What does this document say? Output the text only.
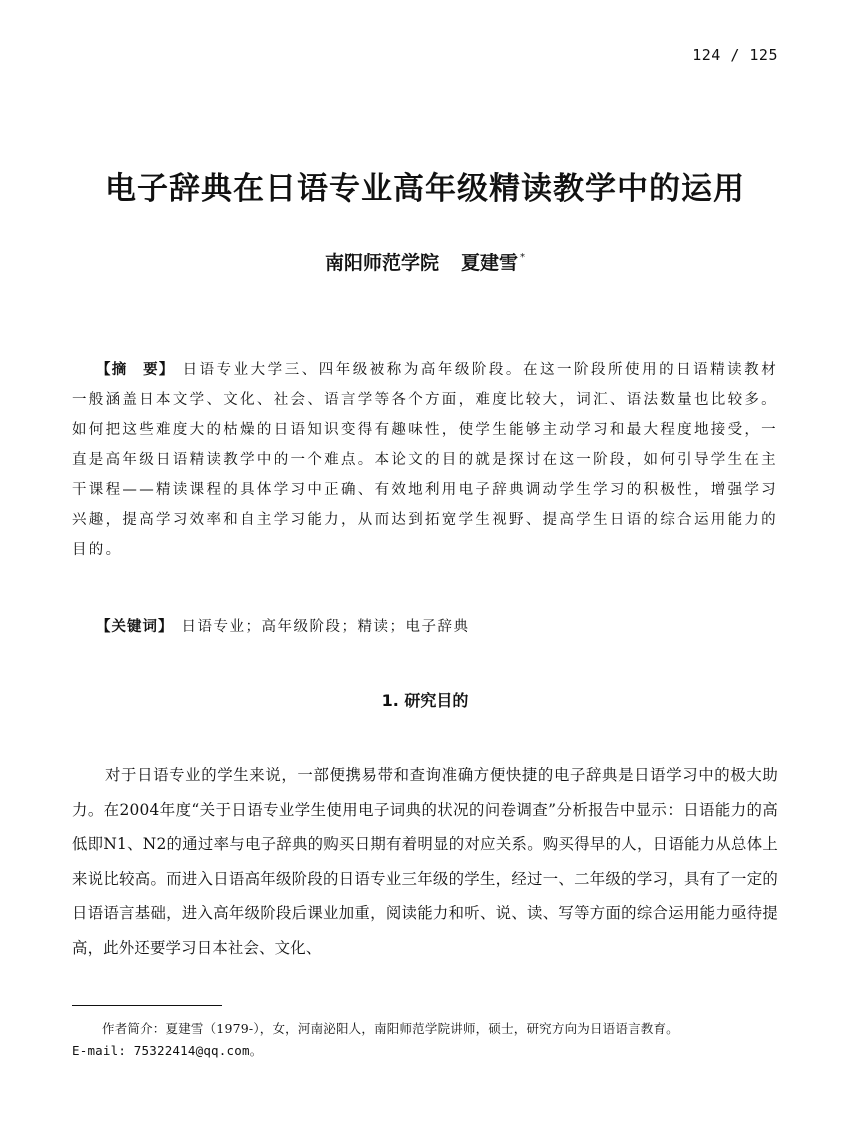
124 / 125
电子辞典在日语专业高年级精读教学中的运用
南阳师范学院 夏建雪 *
【摘　要】 日语专业大学三、四年级被称为高年级阶段。在这一阶段所使用的日语精读教材一般涵盖日本文学、文化、社会、语言学等各个方面，难度比较大，词汇、语法数量也比较多。如何把这些难度大的枯燥的日语知识变得有趣味性，使学生能够主动学习和最大程度地接受，一直是高年级日语精读教学中的一个难点。本论文的目的就是探讨在这一阶段，如何引导学生在主干课程——精读课程的具体学习中正确、有效地利用电子辞典调动学生学习的积极性，增强学习兴趣，提高学习效率和自主学习能力，从而达到拓宽学生视野、提高学生日语的综合运用能力的目的。
【关键词】 日语专业；高年级阶段；精读；电子辞典
1. 研究目的
对于日语专业的学生来说，一部便携易带和查询准确方便快捷的电子辞典是日语学习中的极大助力。在2004年度“关于日语专业学生使用电子词典的状况的问卷调查”分析报告中显示：日语能力的高低即N1、N2的通过率与电子辞典的购买日期有着明显的对应关系。购买得早的人，日语能力从总体上来说比较高。而进入日语高年级阶段的日语专业三年级的学生，经过一、二年级的学习，具有了一定的日语语言基础，进入高年级阶段后课业加重，阅读能力和听、说、读、写等方面的综合运用能力亟待提高，此外还要学习日本社会、文化、
作者简介：夏建雪（1979-），女，河南泌阳人，南阳师范学院讲师，硕士，研究方向为日语语言教育。
E-mail: 75322414@qq.com。
